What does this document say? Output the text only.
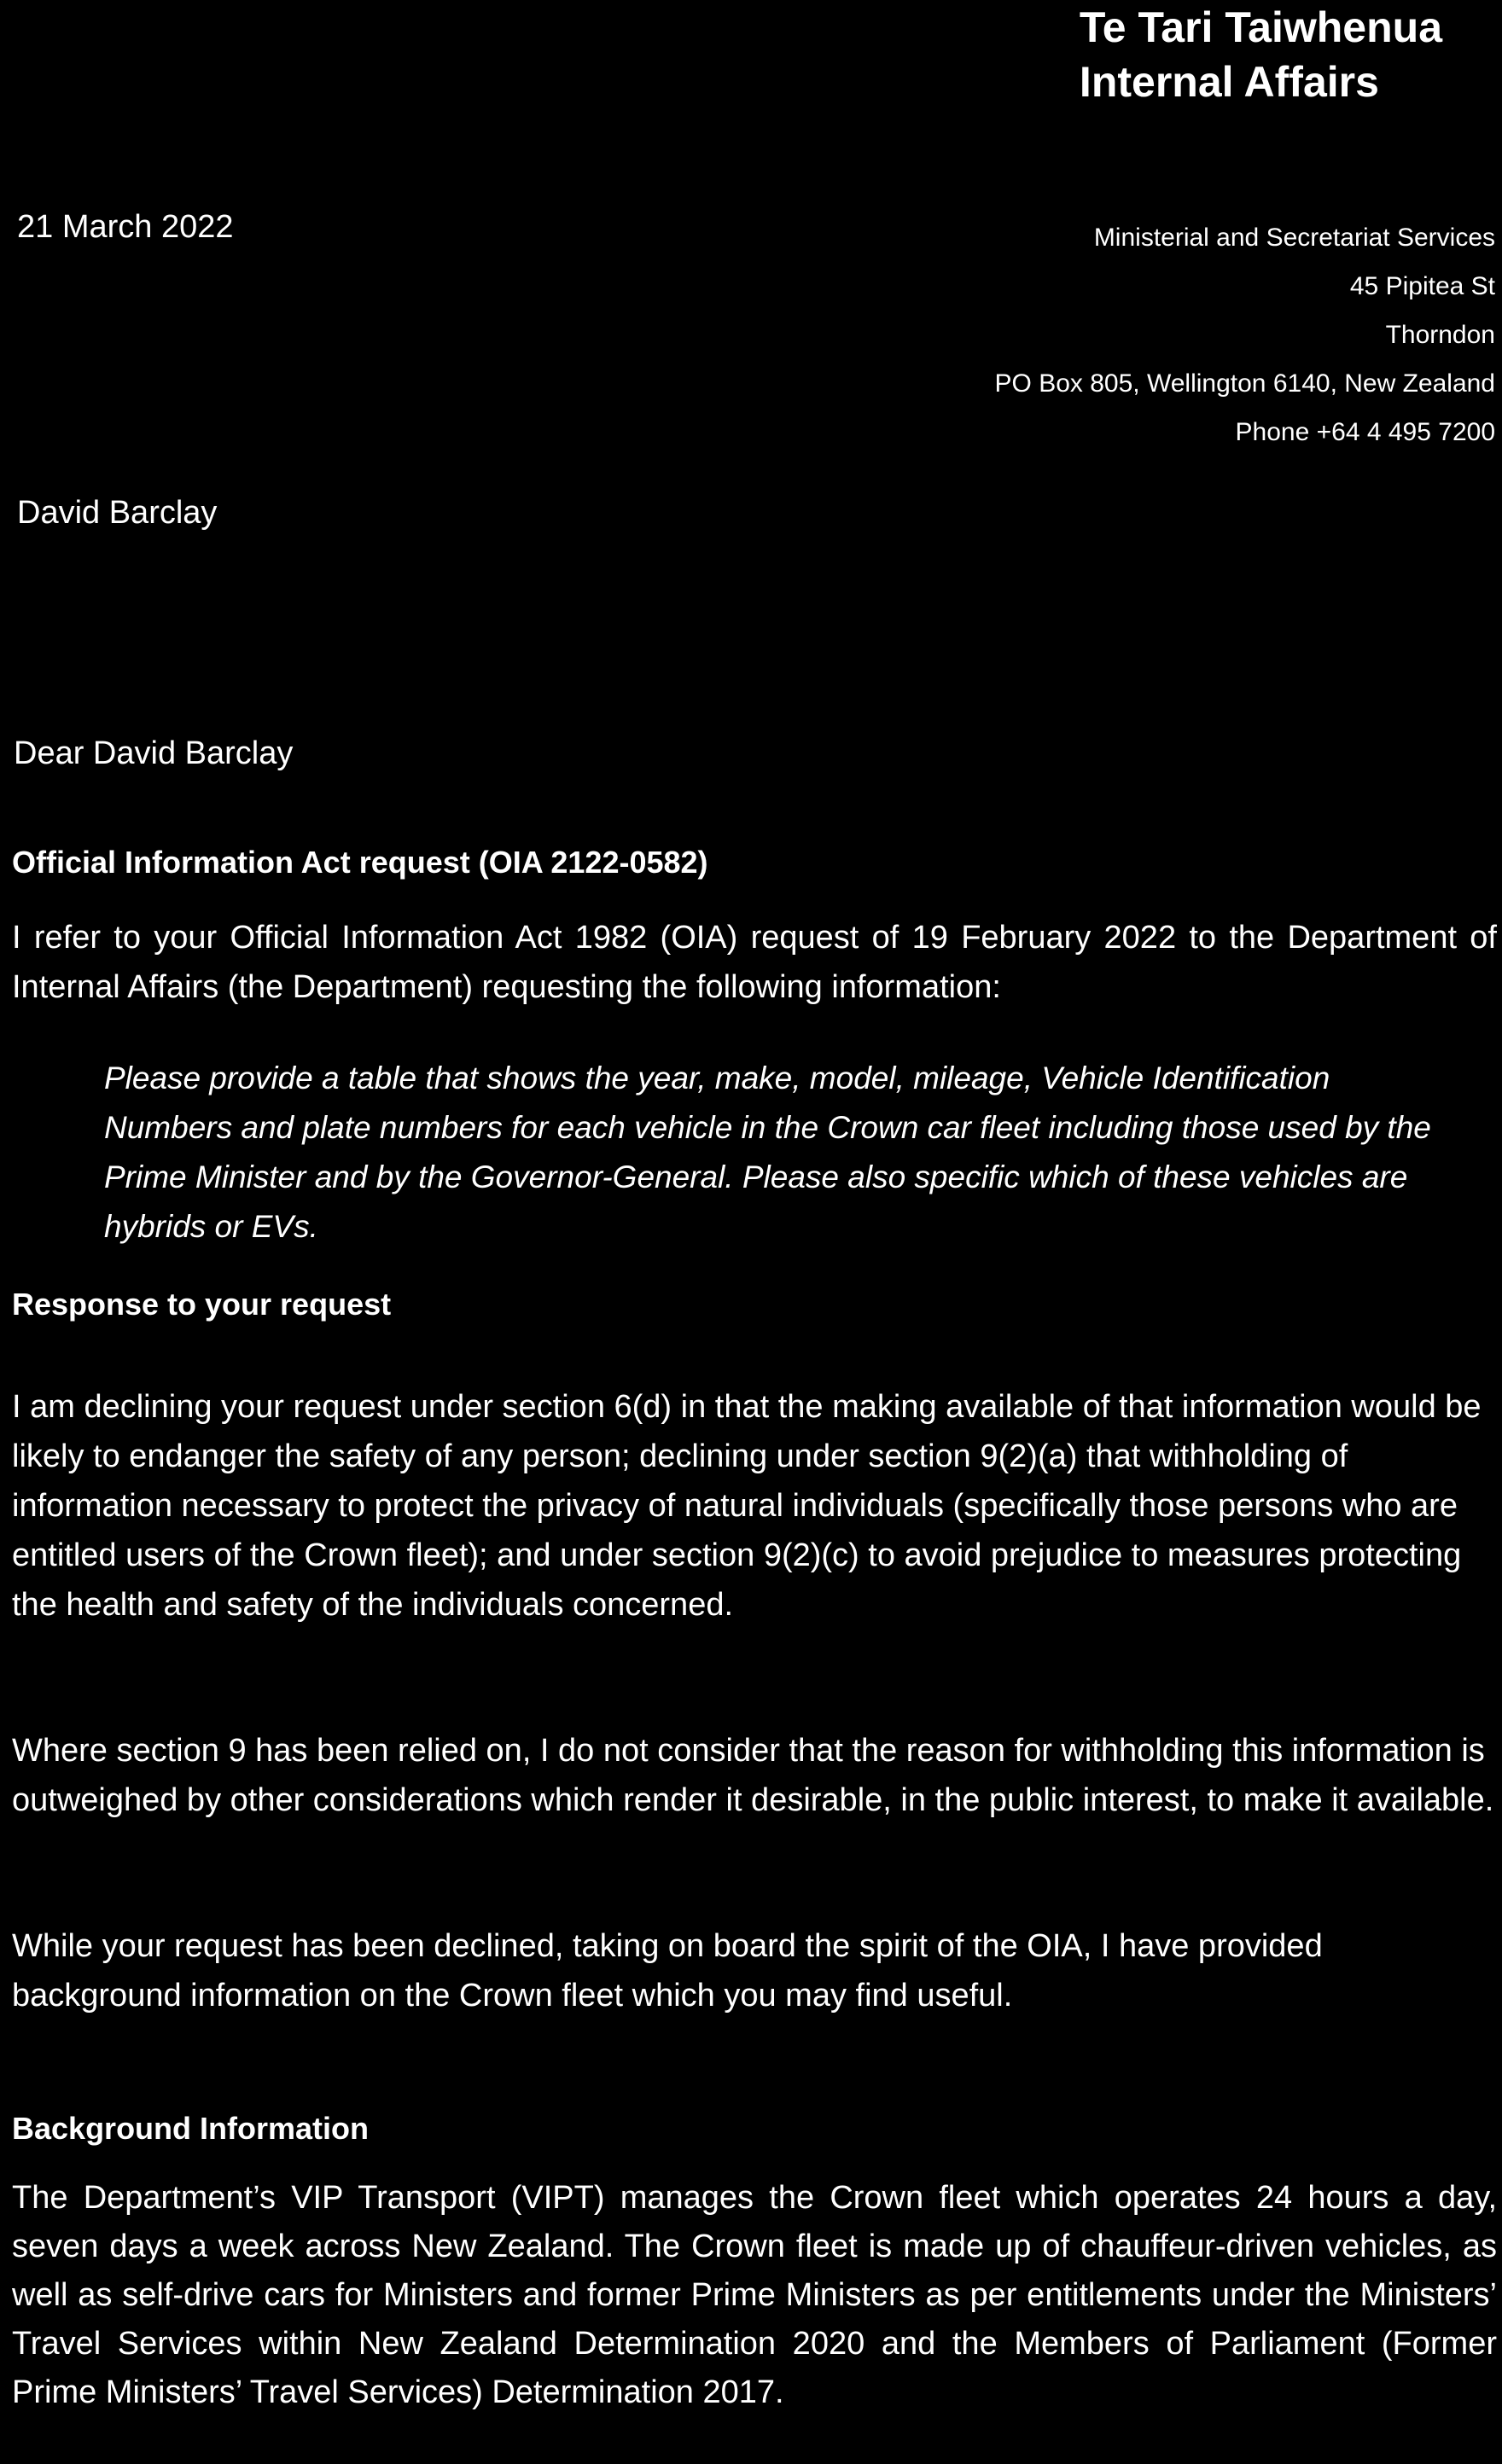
Te Tari Taiwhenua
Internal Affairs
21 March 2022	Ministerial and Secretariat Services
45 Pipitea St
Thorndon
PO Box 805, Wellington 6140, New Zealand
Phone +64 4 495 7200
David Barclay
Dear David Barclay
Official Information Act request (OIA 2122-0582)
I refer to your Official Information Act 1982 (OIA) request of 19 February 2022 to the Department of Internal Affairs (the Department) requesting the following information:
Please provide a table that shows the year, make, model, mileage, Vehicle Identification Numbers and plate numbers for each vehicle in the Crown car fleet including those used by the Prime Minister and by the Governor-General. Please also specific which of these vehicles are hybrids or EVs.
Response to your request
I am declining your request under section 6(d) in that the making available of that information would be likely to endanger the safety of any person; declining under section 9(2)(a) that withholding of information necessary to protect the privacy of natural individuals (specifically those persons who are entitled users of the Crown fleet); and under section 9(2)(c) to avoid prejudice to measures protecting the health and safety of the individuals concerned.
Where section 9 has been relied on, I do not consider that the reason for withholding this information is outweighed by other considerations which render it desirable, in the public interest, to make it available.
While your request has been declined, taking on board the spirit of the OIA, I have provided background information on the Crown fleet which you may find useful.
Background Information
The Department’s VIP Transport (VIPT) manages the Crown fleet which operates 24 hours a day, seven days a week across New Zealand. The Crown fleet is made up of chauffeur-driven vehicles, as well as self-drive cars for Ministers and former Prime Ministers as per entitlements under the Ministers’ Travel Services within New Zealand Determination 2020 and the Members of Parliament (Former Prime Ministers’ Travel Services) Determination 2017.
